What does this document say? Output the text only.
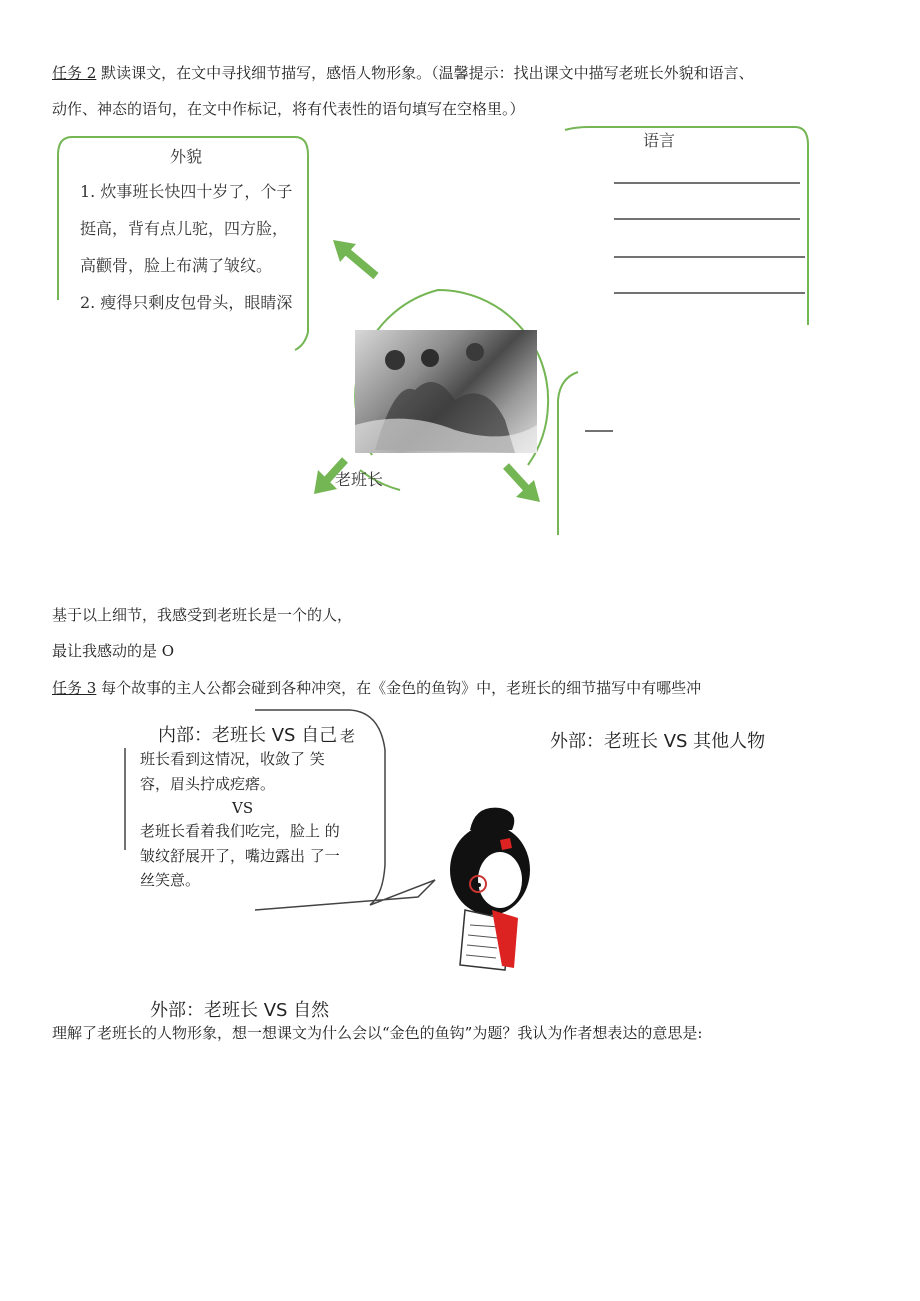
任务 2 默读课文，在文中寻找细节描写，感悟人物形象。（温馨提示：找出课文中描写老班长外貌和语言、
动作、神态的语句，在文中作标记，将有代表性的语句填写在空格里。）
外貌
1. 炊事班长快四十岁了，个子
挺高，背有点儿驼，四方脸，
高颧骨，脸上布满了皱纹。
2. 瘦得只剩皮包骨头，眼睛深
语言
老班长
基于以上细节，我感受到老班长是一个的人，
最让我感动的是 O
任务 3 每个故事的主人公都会碰到各种冲突，在《金色的鱼钩》中，老班长的细节描写中有哪些冲
内部：老班长 VS 自己 老
班长看到这情况，收敛了 笑
容，眉头拧成疙瘩。
VS
老班长看着我们吃完，脸上 的
皱纹舒展开了，嘴边露出 了一
丝笑意。
外部：老班长 VS 其他人物
外部：老班长 VS 自然
理解了老班长的人物形象，想一想课文为什么会以“金色的鱼钩”为题？我认为作者想表达的意思是:
